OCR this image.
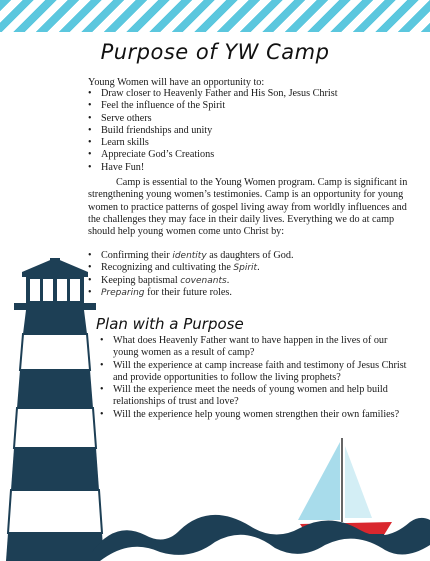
Purpose of YW Camp
Young Women will have an opportunity to:
• Draw closer to Heavenly Father and His Son, Jesus Christ
• Feel the influence of the Spirit
• Serve others
• Build friendships and unity
• Learn skills
• Appreciate God’s Creations
• Have Fun!

Camp is essential to the Young Women program. Camp is significant in strengthening young women’s testimonies. Camp is an opportunity for young women to practice patterns of gospel living away from worldly influences and the challenges they may face in their daily lives. Everything we do at camp should help young women come unto Christ by:

• Confirming their identity as daughters of God.
• Recognizing and cultivating the Spirit.
• Keeping baptismal covenants.
• Preparing for their future roles.
Plan with a Purpose
• What does Heavenly Father want to have happen in the lives of our young women as a result of camp?
• Will the experience at camp increase faith and testimony of Jesus Christ and provide opportunities to follow the living prophets?
• Will the experience meet the needs of young women and help build relationships of trust and love?
• Will the experience help young women strengthen their own families?
